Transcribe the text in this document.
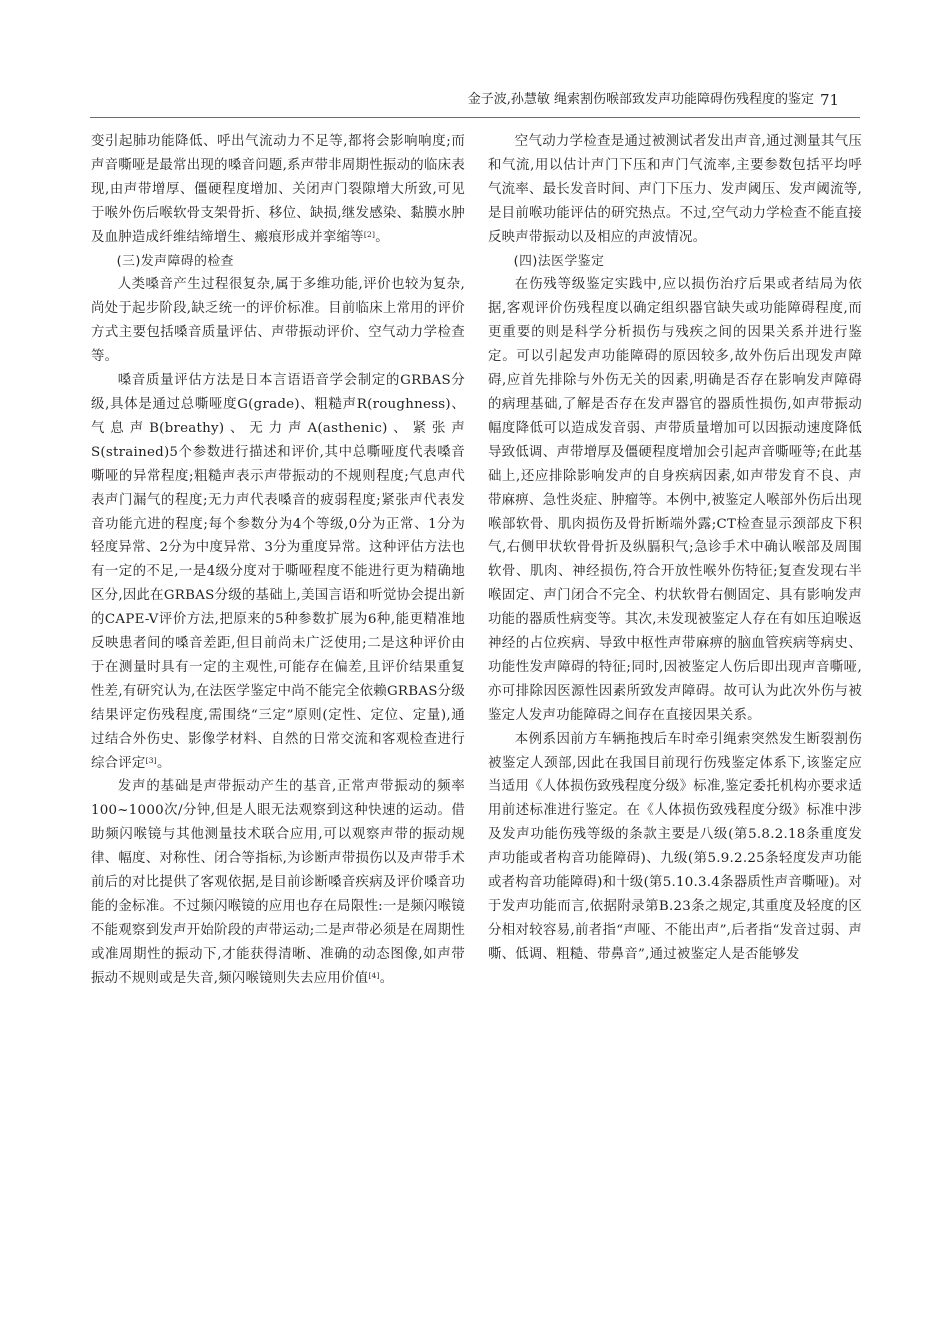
金子波,孙慧敏 绳索割伤喉部致发声功能障碍伤残程度的鉴定 71

变引起肺功能降低、呼出气流动力不足等,都将会影响响度;而声音嘶哑是最常出现的嗓音问题,系声带非周期性振动的临床表现,由声带增厚、僵硬程度增加、关闭声门裂隙增大所致,可见于喉外伤后喉软骨支架骨折、移位、缺损,继发感染、黏膜水肿及血肿造成纤维结缔增生、瘢痕形成并挛缩等[2]。

(三)发声障碍的检查

人类嗓音产生过程很复杂,属于多维功能,评价也较为复杂,尚处于起步阶段,缺乏统一的评价标准。目前临床上常用的评价方式主要包括嗓音质量评估、声带振动评价、空气动力学检查等。

嗓音质量评估方法是日本言语语音学会制定的GRBAS分级,具体是通过总嘶哑度G(grade)、粗糙声R(roughness)、气息声B(breathy)、无力声A(asthenic)、紧张声S(strained)5个参数进行描述和评价,其中总嘶哑度代表嗓音嘶哑的异常程度;粗糙声表示声带振动的不规则程度;气息声代表声门漏气的程度;无力声代表嗓音的疲弱程度;紧张声代表发音功能亢进的程度;每个参数分为4个等级,0分为正常、1分为轻度异常、2分为中度异常、3分为重度异常。这种评估方法也有一定的不足,一是4级分度对于嘶哑程度不能进行更为精确地区分,因此在GRBAS分级的基础上,美国言语和听觉协会提出新的CAPE-V评价方法,把原来的5种参数扩展为6种,能更精准地反映患者间的嗓音差距,但目前尚未广泛使用;二是这种评价由于在测量时具有一定的主观性,可能存在偏差,且评价结果重复性差,有研究认为,在法医学鉴定中尚不能完全依赖GRBAS分级结果评定伤残程度,需围绕“三定”原则(定性、定位、定量),通过结合外伤史、影像学材料、自然的日常交流和客观检查进行综合评定[3]。

发声的基础是声带振动产生的基音,正常声带振动的频率100~1000次/分钟,但是人眼无法观察到这种快速的运动。借助频闪喉镜与其他测量技术联合应用,可以观察声带的振动规律、幅度、对称性、闭合等指标,为诊断声带损伤以及声带手术前后的对比提供了客观依据,是目前诊断嗓音疾病及评价嗓音功能的金标准。不过频闪喉镜的应用也存在局限性:一是频闪喉镜不能观察到发声开始阶段的声带运动;二是声带必须是在周期性或准周期性的振动下,才能获得清晰、准确的动态图像,如声带振动不规则或是失音,频闪喉镜则失去应用价值[4]。

空气动力学检查是通过被测试者发出声音,通过测量其气压和气流,用以估计声门下压和声门气流率,主要参数包括平均呼气流率、最长发音时间、声门下压力、发声阈压、发声阈流等,是目前喉功能评估的研究热点。不过,空气动力学检查不能直接反映声带振动以及相应的声波情况。

(四)法医学鉴定

在伤残等级鉴定实践中,应以损伤治疗后果或者结局为依据,客观评价伤残程度以确定组织器官缺失或功能障碍程度,而更重要的则是科学分析损伤与残疾之间的因果关系并进行鉴定。可以引起发声功能障碍的原因较多,故外伤后出现发声障碍,应首先排除与外伤无关的因素,明确是否存在影响发声障碍的病理基础,了解是否存在发声器官的器质性损伤,如声带振动幅度降低可以造成发音弱、声带质量增加可以因振动速度降低导致低调、声带增厚及僵硬程度增加会引起声音嘶哑等;在此基础上,还应排除影响发声的自身疾病因素,如声带发育不良、声带麻痹、急性炎症、肿瘤等。本例中,被鉴定人喉部外伤后出现喉部软骨、肌肉损伤及骨折断端外露;CT检查显示颈部皮下积气,右侧甲状软骨骨折及纵膈积气;急诊手术中确认喉部及周围软骨、肌肉、神经损伤,符合开放性喉外伤特征;复查发现右半喉固定、声门闭合不完全、杓状软骨右侧固定、具有影响发声功能的器质性病变等。其次,未发现被鉴定人存在有如压迫喉返神经的占位疾病、导致中枢性声带麻痹的脑血管疾病等病史、功能性发声障碍的特征;同时,因被鉴定人伤后即出现声音嘶哑,亦可排除因医源性因素所致发声障碍。故可认为此次外伤与被鉴定人发声功能障碍之间存在直接因果关系。

本例系因前方车辆拖拽后车时牵引绳索突然发生断裂割伤被鉴定人颈部,因此在我国目前现行伤残鉴定体系下,该鉴定应当适用《人体损伤致残程度分级》标准,鉴定委托机构亦要求适用前述标准进行鉴定。在《人体损伤致残程度分级》标准中涉及发声功能伤残等级的条款主要是八级(第5.8.2.18条重度发声功能或者构音功能障碍)、九级(第5.9.2.25条轻度发声功能或者构音功能障碍)和十级(第5.10.3.4条器质性声音嘶哑)。对于发声功能而言,依据附录第B.23条之规定,其重度及轻度的区分相对较容易,前者指“声哑、不能出声”,后者指“发音过弱、声嘶、低调、粗糙、带鼻音”,通过被鉴定人是否能够发
